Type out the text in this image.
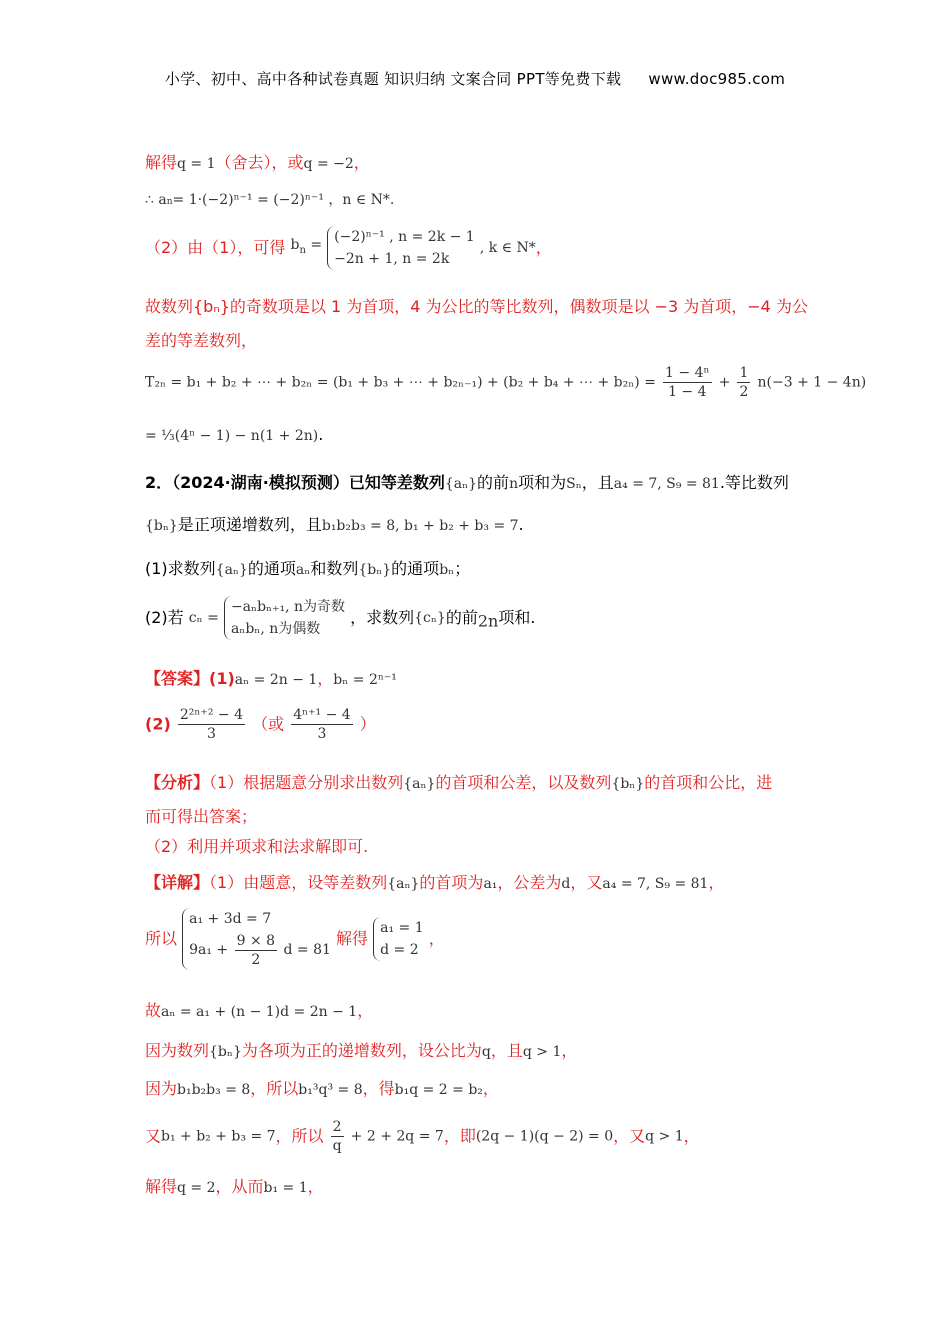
小学、初中、高中各种试卷真题 知识归纳 文案合同 PPT等免费下载 www.doc985.com
解得q = 1（舍去），或q = −2，
∴ an= 1·(−2)ⁿ⁻¹ = (−2)ⁿ⁻¹ ，n ∈ N*.
（2）由（1），可得 $b_n$ =
(−2)ⁿ⁻¹ , n = 2k − 1
−2n + 1, n = 2k
, k ∈ N*，
故数列{bₙ}的奇数项是以 1 为首项，4 为公比的等比数列，偶数项是以 −3 为首项，−4 为公
差的等差数列，
T₂ₙ = b₁ + b₂ + ⋯ + b₂ₙ = (b₁ + b₃ + ⋯ + b₂ₙ₋₁) + (b₂ + b₄ + ⋯ + $b_{2n}) = \frac{\text{1 − 4ⁿ}}{1 - 4} + \frac{1}{2} n(-3 + 1 - 4n)$
= ⅓(4ⁿ − 1) − n(1 + 2n).
2．（2024·湖南·模拟预测）已知等差数列{aₙ}的前n项和为Sₙ，且a₄ = 7, S₉ = 81.等比数列
{bₙ}是正项递增数列，且b₁b₂b₃ = 8, b₁ + b₂ + b₃ = 7.
(1)求数列{aₙ}的通项aₙ和数列{bₙ}的通项bₙ；
(2)若 cₙ =
−aₙbₙ₊₁, n为奇数
aₙbₙ, n为偶数
，求数列{cₙ}的前2n项和.
【答案】(1)aₙ = 2n − 1，bₙ = 2ⁿ⁻¹
$(2) \frac{\text{2²ⁿ⁺² − 4}}{3}$ （或 $\frac{\text{4ⁿ⁺¹ − 4}}{3}$ ）
【分析】（1）根据题意分别求出数列{aₙ}的首项和公差，以及数列{bₙ}的首项和公比，进
而可得出答案；
（2）利用并项求和法求解即可.
【详解】（1）由题意，设等差数列{aₙ}的首项为a₁，公差为d，又a₄ = 7, S₉ = 81，
所以
a₁ + 3d = 7
$9a_1 + \frac{9 \times 8}{2}$ d = 81
解得
a₁ = 1
d = 2
，
故aₙ = a₁ + (n − 1)d = 2n − 1，
因为数列{bₙ}为各项为正的递增数列，设公比为q，且q > 1，
因为b₁b₂b₃ = 8，所以b₁³q³ = 8，得b₁q = 2 = b₂，
又b₁ + b₂ + b₃ = 7，所以 $\frac{2}{q} + 2 + 2q = 7$，即(2q − 1)(q − 2) = 0，又q > 1，
解得q = 2，从而b₁ = 1，
